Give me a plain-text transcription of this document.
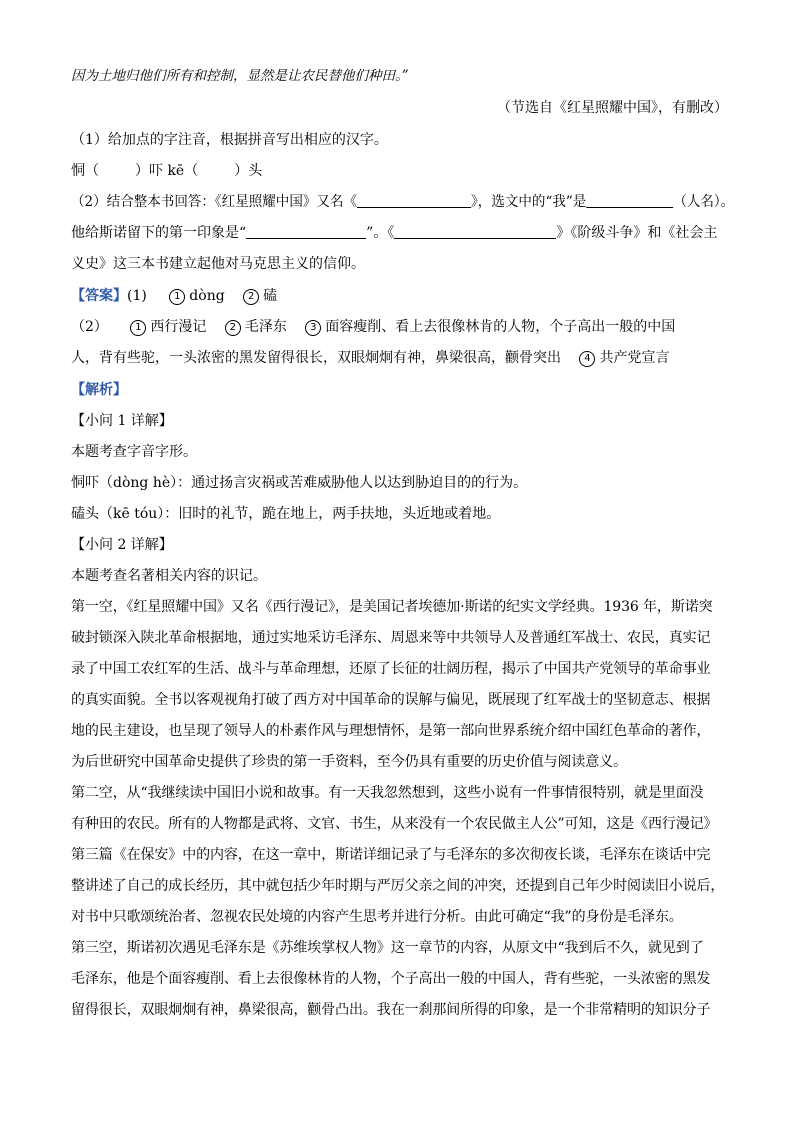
因为土地归他们所有和控制，显然是让农民替他们种田。”
（节选自《红星照耀中国》，有删改）
（1）给加点的字注音，根据拼音写出相应的汉字。
恫（	）吓 kē（	）头
（2）结合整本书回答：《红星照耀中国》又名《	》，选文中的“我”是	（人名）。
他给斯诺留下的第一印象是“	”。《	》《阶级斗争》和《社会主
义史》这三本书建立起他对马克思主义的信仰。
【答案】(1)	1 dòng 2 磕
（2）	1 西行漫记 2 毛泽东 3 面容瘦削、看上去很像林肯的人物，个子高出一般的中国
人，背有些驼，一头浓密的黑发留得很长，双眼炯炯有神，鼻梁很高，颧骨突出 4 共产党宣言
【解析】
【小问 1 详解】
本题考查字音字形。
恫吓（dòng hè）：通过扬言灾祸或苦难威胁他人以达到胁迫目的的行为。
磕头（kē tóu）：旧时的礼节，跪在地上，两手扶地，头近地或着地。
【小问 2 详解】
本题考查名著相关内容的识记。
第一空，《红星照耀中国》又名《西行漫记》，是美国记者埃德加·斯诺的纪实文学经典。1936 年，斯诺突
破封锁深入陕北革命根据地，通过实地采访毛泽东、周恩来等中共领导人及普通红军战士、农民，真实记
录了中国工农红军的生活、战斗与革命理想，还原了长征的壮阔历程，揭示了中国共产党领导的革命事业
的真实面貌。全书以客观视角打破了西方对中国革命的误解与偏见，既展现了红军战士的坚韧意志、根据
地的民主建设，也呈现了领导人的朴素作风与理想情怀，是第一部向世界系统介绍中国红色革命的著作，
为后世研究中国革命史提供了珍贵的第一手资料，至今仍具有重要的历史价值与阅读意义。
第二空，从“我继续读中国旧小说和故事。有一天我忽然想到，这些小说有一件事情很特别，就是里面没
有种田的农民。所有的人物都是武将、文官、书生，从来没有一个农民做主人公”可知，这是《西行漫记》
第三篇《在保安》中的内容，在这一章中，斯诺详细记录了与毛泽东的多次彻夜长谈，毛泽东在谈话中完
整讲述了自己的成长经历，其中就包括少年时期与严厉父亲之间的冲突，还提到自己年少时阅读旧小说后，
对书中只歌颂统治者、忽视农民处境的内容产生思考并进行分析。由此可确定“我”的身份是毛泽东。
第三空，斯诺初次遇见毛泽东是《苏维埃掌权人物》这一章节的内容，从原文中“我到后不久，就见到了
毛泽东，他是个面容瘦削、看上去很像林肯的人物，个子高出一般的中国人，背有些驼，一头浓密的黑发
留得很长，双眼炯炯有神，鼻梁很高，颧骨凸出。我在一刹那间所得的印象，是一个非常精明的知识分子
